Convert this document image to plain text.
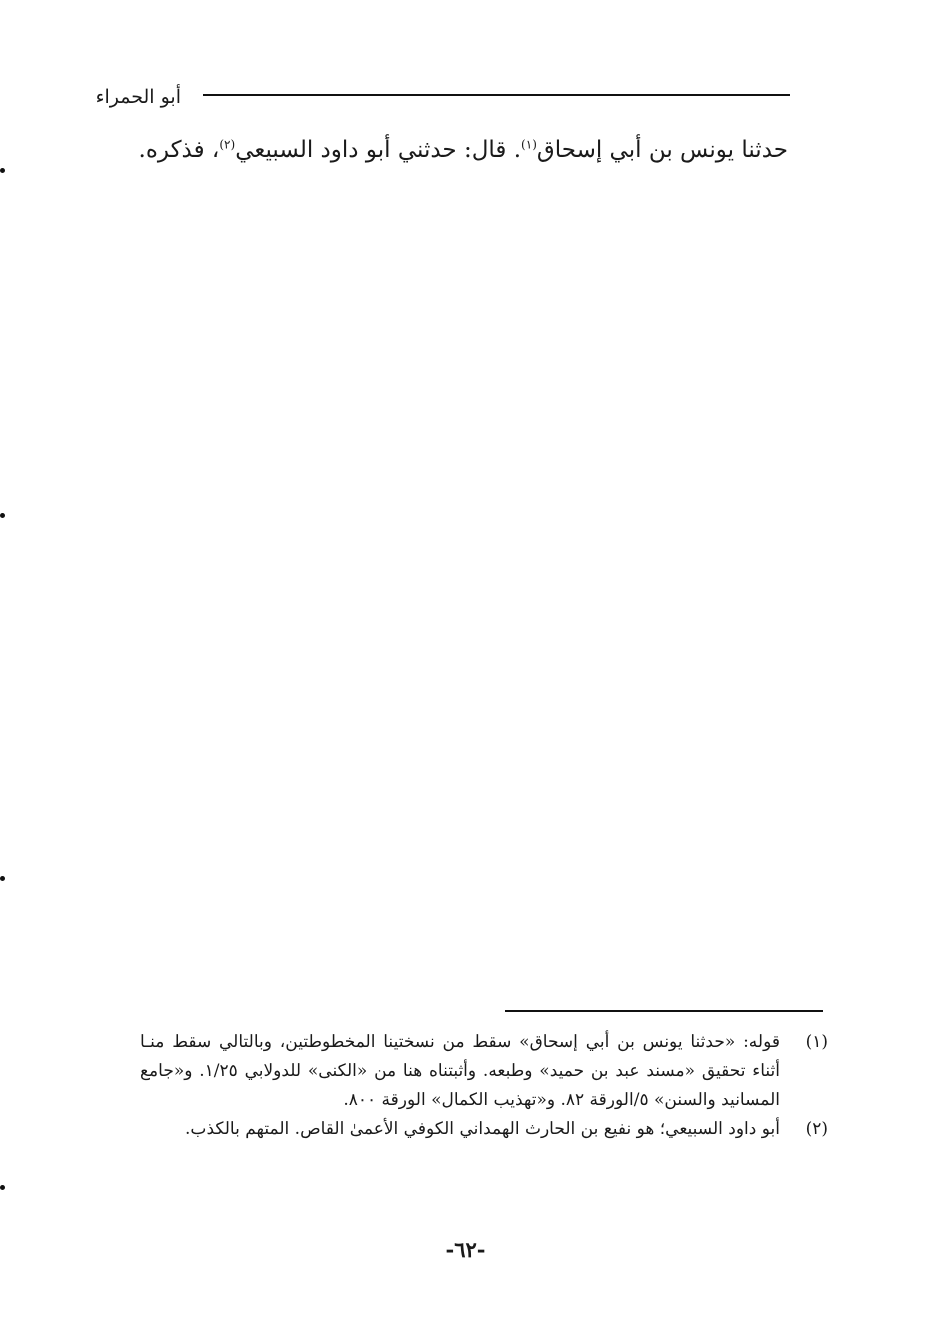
أبو الحمراء
حدثنا يونس بن أبي إسحاق$^{(١)}$. قال: حدثني أبو داود السبيعي$^{(٢)}$، فذكره.
(١)
قوله: «حدثنا يونس بن أبي إسحاق» سقط من نسختينا المخطوطتين، وبالتالي سقط منـا أثناء تحقيق «مسند عبد بن حميد» وطبعه. وأثبتناه هنا من «الكنى» للدولابي ١/٢٥. و«جامع المسانيد والسنن» ٥/الورقة ٨٢. و«تهذيب الكمال» الورقة ٨٠٠.
(٢)
أبو داود السبيعي؛ هو نفيع بن الحارث الهمداني الكوفي الأعمىٰ القاص. المتهم بالكذب.
-٦٢-
